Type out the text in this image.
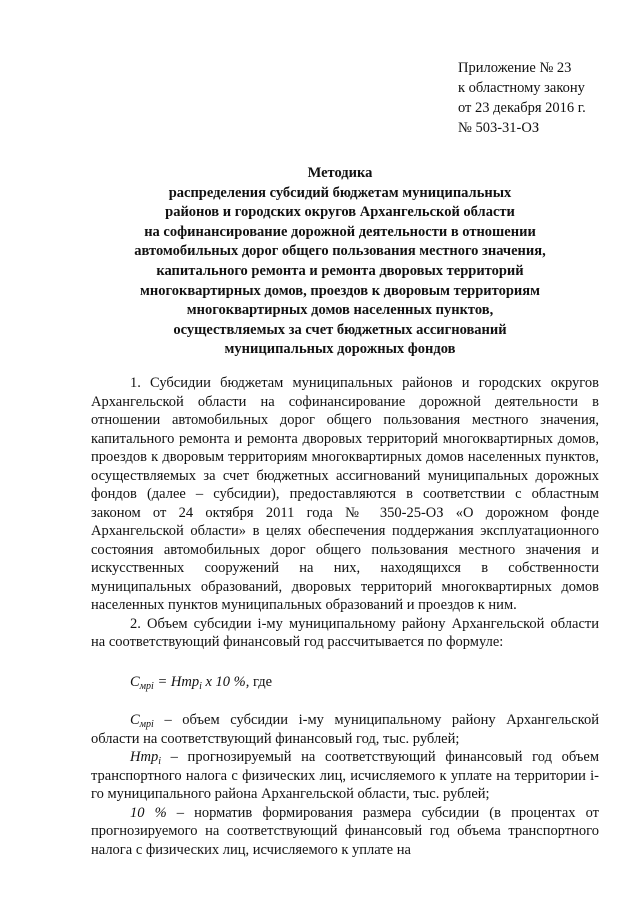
Приложение № 23
к областному закону
от 23 декабря 2016 г.
№ 503-31-ОЗ
Методика
распределения субсидий бюджетам муниципальных
районов и городских округов Архангельской области
на софинансирование дорожной деятельности в отношении
автомобильных дорог общего пользования местного значения,
капитального ремонта и ремонта дворовых территорий
многоквартирных домов, проездов к дворовым территориям
многоквартирных домов населенных пунктов,
осуществляемых за счет бюджетных ассигнований
муниципальных дорожных фондов

1. Субсидии бюджетам муниципальных районов и городских округов Архангельской области на софинансирование дорожной деятельности в отношении автомобильных дорог общего пользования местного значения, капитального ремонта и ремонта дворовых территорий многоквартирных домов, проездов к дворовым территориям многоквартирных домов населенных пунктов, осуществляемых за счет бюджетных ассигнований муниципальных дорожных фондов (далее – субсидии), предоставляются в соответствии с областным законом от 24 октября 2011 года № 350-25-ОЗ «О дорожном фонде Архангельской области» в целях обеспечения поддержания эксплуатационного состояния автомобильных дорог общего пользования местного значения и искусственных сооружений на них, находящихся в собственности муниципальных образований, дворовых территорий многоквартирных домов населенных пунктов муниципальных образований и проездов к ним.

2. Объем субсидии i-му муниципальному району Архангельской области на соответствующий финансовый год рассчитывается по формуле:

$С_{мрi} = Нтр_i$ x 10 %, где

$С_{мрi}$ – объем субсидии i-му муниципальному району Архангельской области на соответствующий финансовый год, тыс. рублей;

Нтр$_i$ – прогнозируемый на соответствующий финансовый год объем транспортного налога с физических лиц, исчисляемого к уплате на территории i-го муниципального района Архангельской области, тыс. рублей;

10 % – норматив формирования размера субсидии (в процентах от прогнозируемого на соответствующий финансовый год объема транспортного налога с физических лиц, исчисляемого к уплате на
